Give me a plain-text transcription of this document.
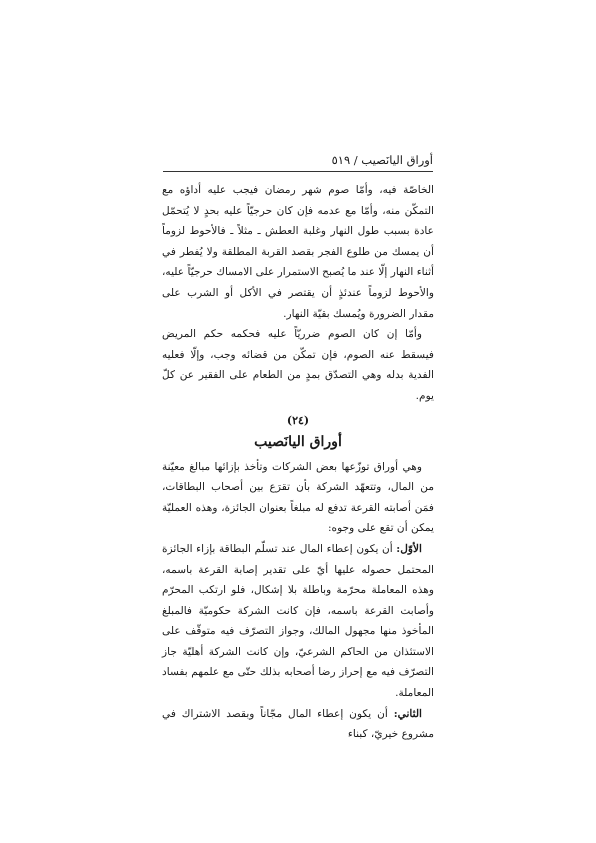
أوراق اليانَصيب / ٥١٩

الخاصّة فيه، وأمّا صوم شهر رمضان فيجب عليه أداؤه مع التمكّن منه، وأمّا مع عدمه فإن كان حرجيّاً عليه بحدٍ لا يُتحمّل عادة بسبب طول النهار وغلبة العطش ـ مثلاً ـ فالأحوط لزوماً أن يمسك من طلوع الفجر بقصد القربة المطلقة ولا يُفطر في أثناء النهار إلّا عند ما يُصبح الاستمرار على الامساك حرجيّاً عليه، والأحوط لزوماً عندئذٍ أن يقتصر في الأكل أو الشرب على مقدار الضرورة ويُمسك بقيّة النهار.

وأمّا إن كان الصوم ضرريّاً عليه فحكمه حكم المريض فيسقط عنه الصوم، فإن تمكّن من قضائه وجب، وإلّا فعليه الفدية بدله وهي التصدّق بمدٍ من الطعام على الفقير عن كلّ يوم.

(٢٤)
أوراق اليانَصيب

وهي أوراق توزّعها بعض الشركات وتأخذ بإزائها مبالغ معيّنة من المال، وتتعهّد الشركة بأن تقرَع بين أصحاب البطاقات، فمَن أصابته القرعة تدفع له مبلغاً بعنوان الجائزة، وهذه العمليّة يمكن أن تقع على وجوه:

الأوّل: أن يكون إعطاء المال عند تسلّم البطاقة بإزاء الجائزة المحتمل حصوله عليها أيّ على تقدير إصابة القرعة باسمه، وهذه المعاملة محرّمة وباطلة بلا إشكال، فلو ارتكب المحرّم وأصابت القرعة باسمه، فإن كانت الشركة حكوميّة فالمبلغ المأخوذ منها مجهول المالك، وجواز التصرّف فيه متوقّف على الاستئذان من الحاكم الشرعيّ، وإن كانت الشركة أهليّة جاز التصرّف فيه مع إحراز رضا أصحابه بذلك حتّى مع علمهم بفساد المعاملة.

الثاني: أن يكون إعطاء المال مجّاناً وبقصد الاشتراك في مشروع خيريّ، كبناء
